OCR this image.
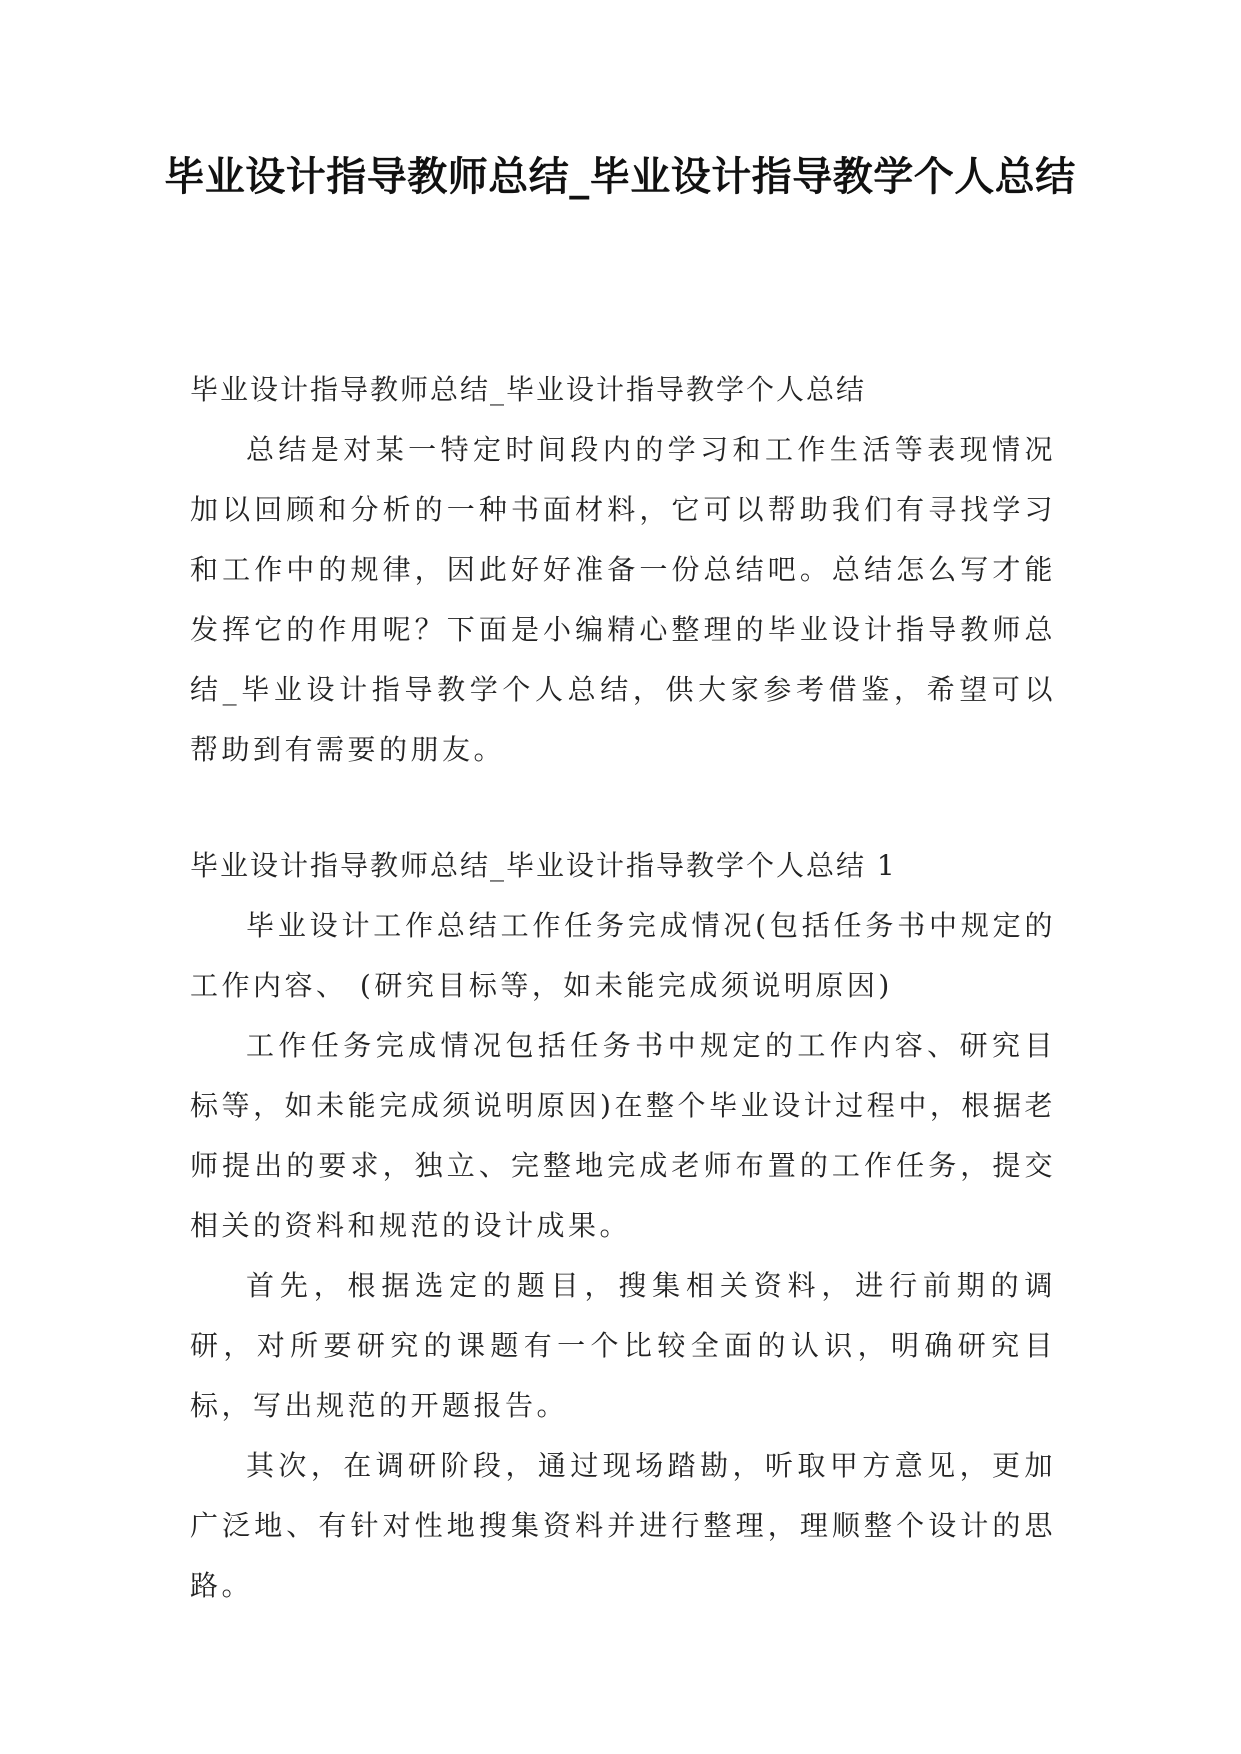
毕业设计指导教师总结_毕业设计指导教学个人总结

毕业设计指导教师总结_毕业设计指导教学个人总结

总结是对某一特定时间段内的学习和工作生活等表现情况加以回顾和分析的一种书面材料，它可以帮助我们有寻找学习和工作中的规律，因此好好准备一份总结吧。总结怎么写才能发挥它的作用呢？下面是小编精心整理的毕业设计指导教师总结_毕业设计指导教学个人总结，供大家参考借鉴，希望可以帮助到有需要的朋友。

毕业设计指导教师总结_毕业设计指导教学个人总结 1

毕业设计工作总结工作任务完成情况(包括任务书中规定的工作内容、 (研究目标等，如未能完成须说明原因)

工作任务完成情况包括任务书中规定的工作内容、研究目标等，如未能完成须说明原因)在整个毕业设计过程中，根据老师提出的要求，独立、完整地完成老师布置的工作任务，提交相关的资料和规范的设计成果。

首先，根据选定的题目，搜集相关资料，进行前期的调研，对所要研究的课题有一个比较全面的认识，明确研究目标，写出规范的开题报告。

其次，在调研阶段，通过现场踏勘，听取甲方意见，更加广泛地、有针对性地搜集资料并进行整理，理顺整个设计的思路。
